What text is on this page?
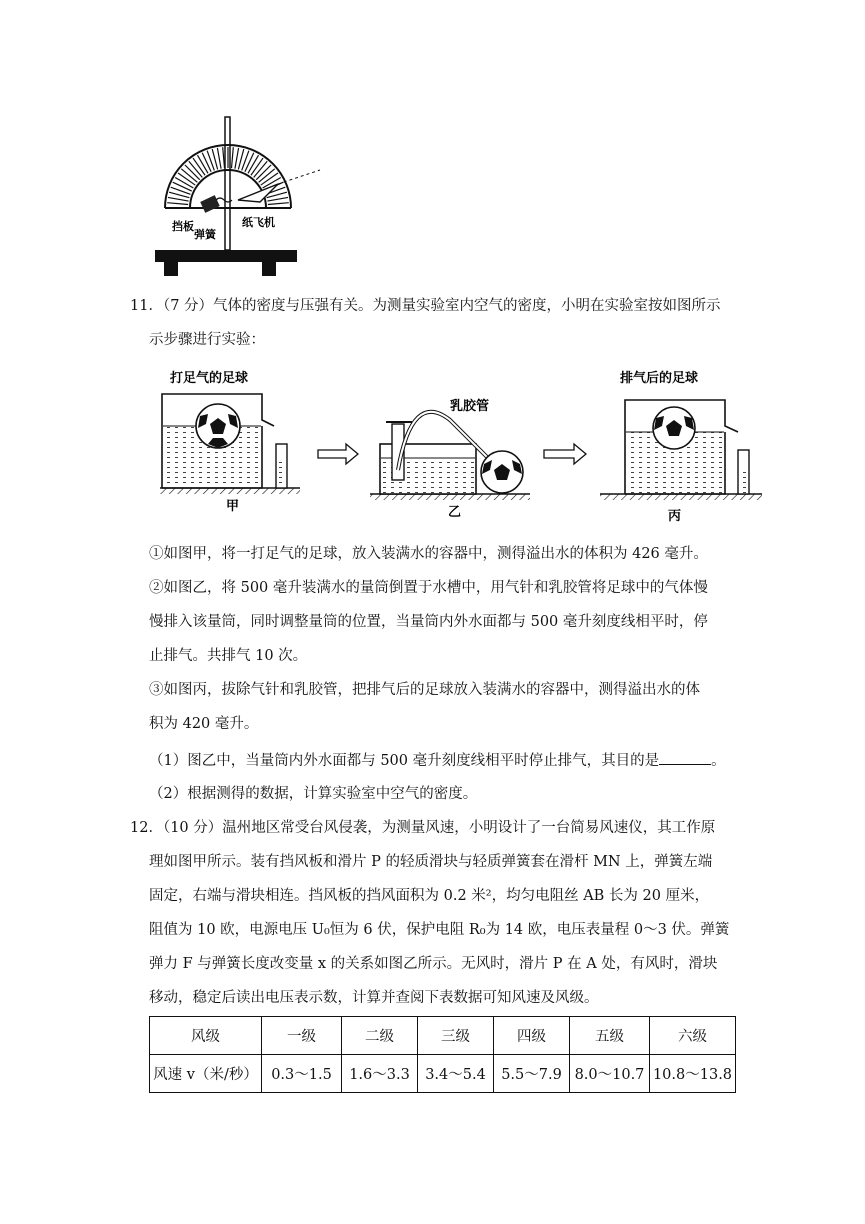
挡板
弹簧
纸飞机
11．（7 分）气体的密度与压强有关。为测量实验室内空气的密度，小明在实验室按如图所示
示步骤进行实验：
打足气的足球
甲
乳胶管
乙
排气后的足球
丙
①如图甲，将一打足气的足球，放入装满水的容器中，测得溢出水的体积为 426 毫升。
②如图乙，将 500 毫升装满水的量筒倒置于水槽中，用气针和乳胶管将足球中的气体慢
慢排入该量筒，同时调整量筒的位置，当量筒内外水面都与 500 毫升刻度线相平时，停
止排气。共排气 10 次。
③如图丙，拔除气针和乳胶管，把排气后的足球放入装满水的容器中，测得溢出水的体
积为 420 毫升。
（1）图乙中，当量筒内外水面都与 500 毫升刻度线相平时停止排气，其目的是	。
（2）根据测得的数据，计算实验室中空气的密度。
12．（10 分）温州地区常受台风侵袭，为测量风速，小明设计了一台简易风速仪，其工作原
理如图甲所示。装有挡风板和滑片 P 的轻质滑块与轻质弹簧套在滑杆 MN 上，弹簧左端
固定，右端与滑块相连。挡风板的挡风面积为 0.2 米²，均匀电阻丝 AB 长为 20 厘米，
阻值为 10 欧，电源电压 U₀恒为 6 伏，保护电阻 R₀为 14 欧，电压表量程 0～3 伏。弹簧
弹力 F 与弹簧长度改变量 x 的关系如图乙所示。无风时，滑片 P 在 A 处，有风时，滑块
移动，稳定后读出电压表示数，计算并查阅下表数据可知风速及风级。
风级	一级	二级	三级	四级	五级	六级
风速 v（米/秒）	0.3～1.5	1.6～3.3	3.4～5.4	5.5～7.9	8.0～10.7	10.8～13.8
